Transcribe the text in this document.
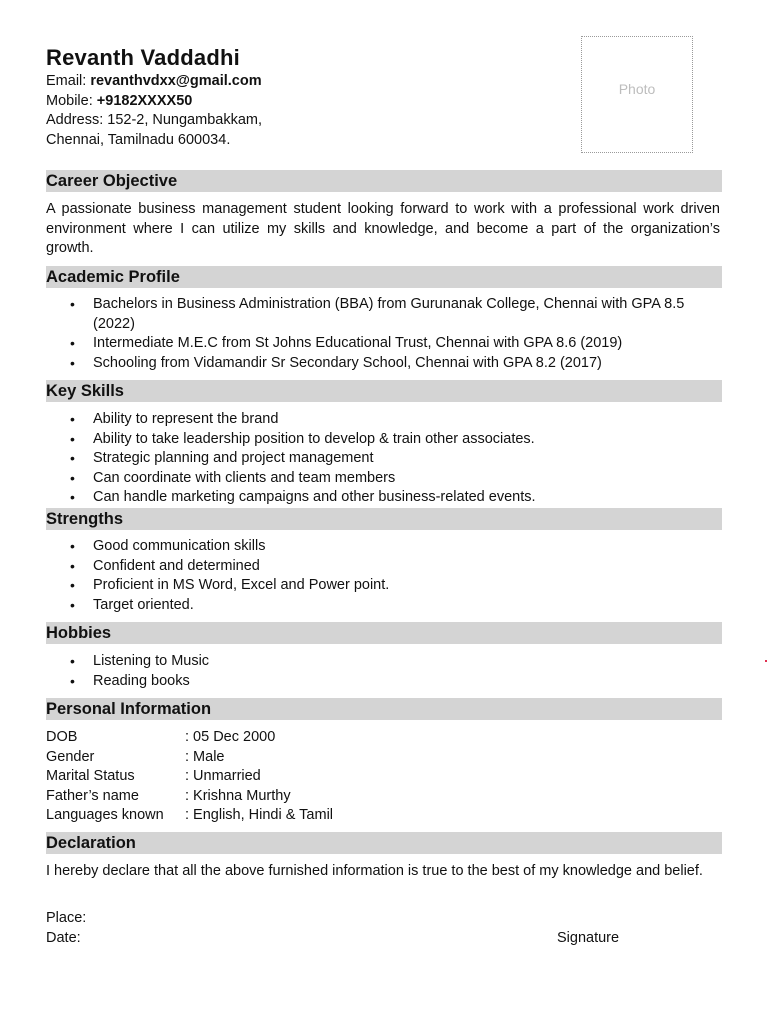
Revanth Vaddadhi

Email: revanthvdxx@gmail.com

Mobile: +9182XXXX50

Address: 152-2, Nungambakkam,

Chennai, Tamilnadu 600034.

Photo
Career Objective
A passionate business management student looking forward to work with a professional work driven environment where I can utilize my skills and knowledge, and become a part of the organization’s growth.
Academic Profile
• Bachelors in Business Administration (BBA) from Gurunanak College, Chennai with GPA 8.5 (2022)
• Intermediate M.E.C from St Johns Educational Trust, Chennai with GPA 8.6 (2019)
• Schooling from Vidamandir Sr Secondary School, Chennai with GPA 8.2 (2017)
Key Skills
• Ability to represent the brand
• Ability to take leadership position to develop & train other associates.
• Strategic planning and project management
• Can coordinate with clients and team members
• Can handle marketing campaigns and other business-related events.
Strengths
• Good communication skills
• Confident and determined
• Proficient in MS Word, Excel and Power point.
• Target oriented.
Hobbies
• Listening to Music
• Reading books
Personal Information
DOB	: 05 Dec 2000
Gender	: Male
Marital Status	: Unmarried
Father’s name	: Krishna Murthy
Languages known	: English, Hindi & Tamil
Declaration
I hereby declare that all the above furnished information is true to the best of my knowledge and belief.
Place:
Date:	Signature
